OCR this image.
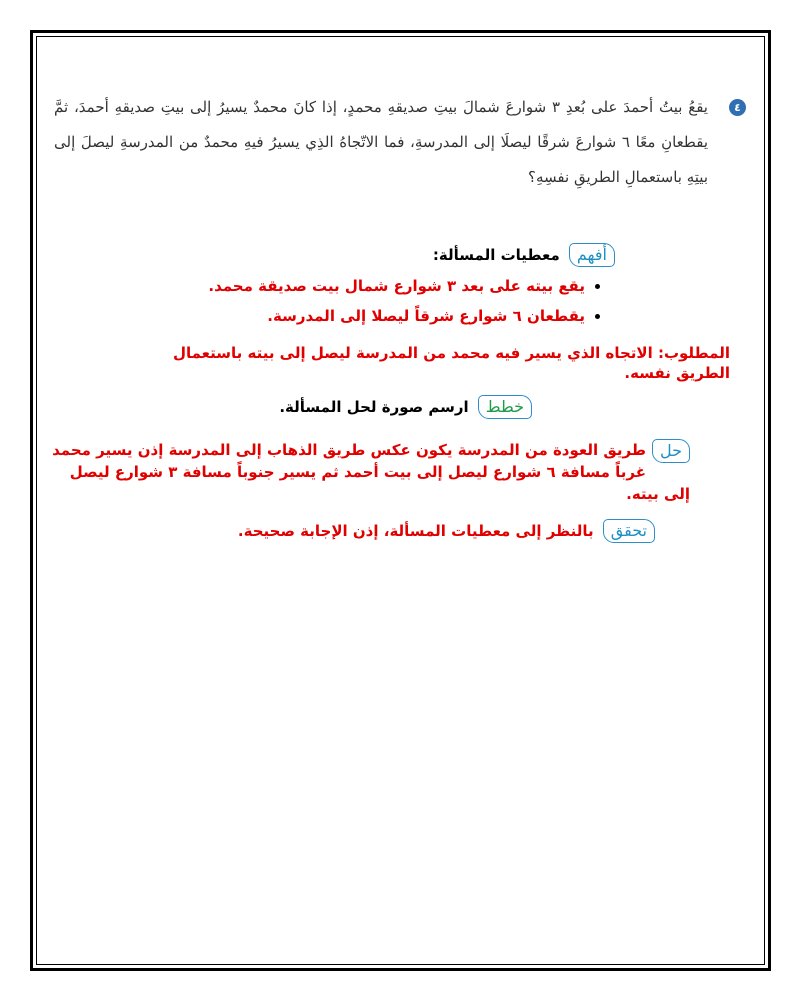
٤
يقعُ بيتُ أحمدَ على بُعدِ ٣ شوارعَ شمالَ بيتِ صديقهِ محمدٍ، إذا كانَ محمدٌ يسيرُ إلى بيتِ صديقهِ أحمدَ، ثمَّ يقطعانِ معًا ٦ شوارعَ شرقًا ليصلَا إلى المدرسةِ، فما الاتّجاهُ الذِي يسيرُ فيهِ محمدٌ من المدرسةِ ليصلَ إلى بيتِهِ باستعمالِ الطريقِ نفسِهِ؟
أفهم معطيات المسألة:
يقع بيته على بعد ٣ شوارع شمال بيت صديقة محمد.
يقطعان ٦ شوارع شرقاً ليصلا إلى المدرسة.
المطلوب: الاتجاه الذي يسير فيه محمد من المدرسة ليصل إلى بيته باستعمال الطريق نفسه.
خطط ارسم صورة لحل المسألة.
حل
طريق العودة من المدرسة يكون عكس طريق الذهاب إلى المدرسة إذن يسير محمد غرباً مسافة ٦ شوارع ليصل إلى بيت أحمد ثم يسير جنوباً مسافة ٣ شوارع ليصل إلى بيته.
تحقق بالنظر إلى معطيات المسألة، إذن الإجابة صحيحة.
